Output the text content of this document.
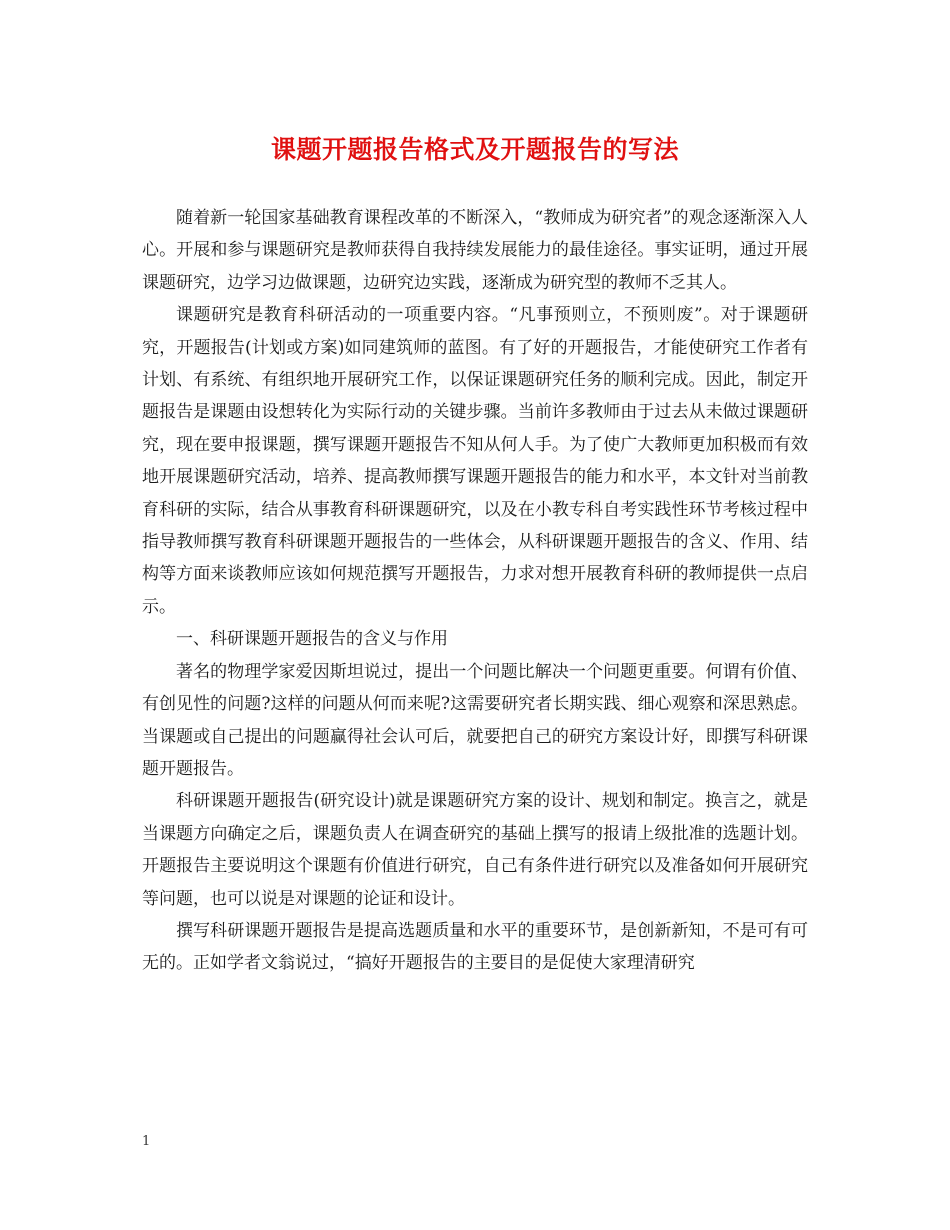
课题开题报告格式及开题报告的写法

随着新一轮国家基础教育课程改革的不断深入，“教师成为研究者”的观念逐渐深入人心。开展和参与课题研究是教师获得自我持续发展能力的最佳途径。事实证明，通过开展课题研究，边学习边做课题，边研究边实践，逐渐成为研究型的教师不乏其人。

课题研究是教育科研活动的一项重要内容。“凡事预则立，不预则废”。对于课题研究，开题报告(计划或方案)如同建筑师的蓝图。有了好的开题报告，才能使研究工作者有计划、有系统、有组织地开展研究工作，以保证课题研究任务的顺利完成。因此，制定开题报告是课题由设想转化为实际行动的关键步骤。当前许多教师由于过去从未做过课题研究，现在要申报课题，撰写课题开题报告不知从何人手。为了使广大教师更加积极而有效地开展课题研究活动，培养、提高教师撰写课题开题报告的能力和水平，本文针对当前教育科研的实际，结合从事教育科研课题研究，以及在小教专科自考实践性环节考核过程中指导教师撰写教育科研课题开题报告的一些体会，从科研课题开题报告的含义、作用、结构等方面来谈教师应该如何规范撰写开题报告，力求对想开展教育科研的教师提供一点启示。

一、科研课题开题报告的含义与作用

著名的物理学家爱因斯坦说过，提出一个问题比解决一个问题更重要。何谓有价值、有创见性的问题?这样的问题从何而来呢?这需要研究者长期实践、细心观察和深思熟虑。当课题或自己提出的问题赢得社会认可后，就要把自己的研究方案设计好，即撰写科研课题开题报告。

科研课题开题报告(研究设计)就是课题研究方案的设计、规划和制定。换言之，就是当课题方向确定之后，课题负责人在调查研究的基础上撰写的报请上级批准的选题计划。开题报告主要说明这个课题有价值进行研究，自己有条件进行研究以及准备如何开展研究等问题，也可以说是对课题的论证和设计。

撰写科研课题开题报告是提高选题质量和水平的重要环节，是创新新知，不是可有可无的。正如学者文翁说过，“搞好开题报告的主要目的是促使大家理清研究

1
